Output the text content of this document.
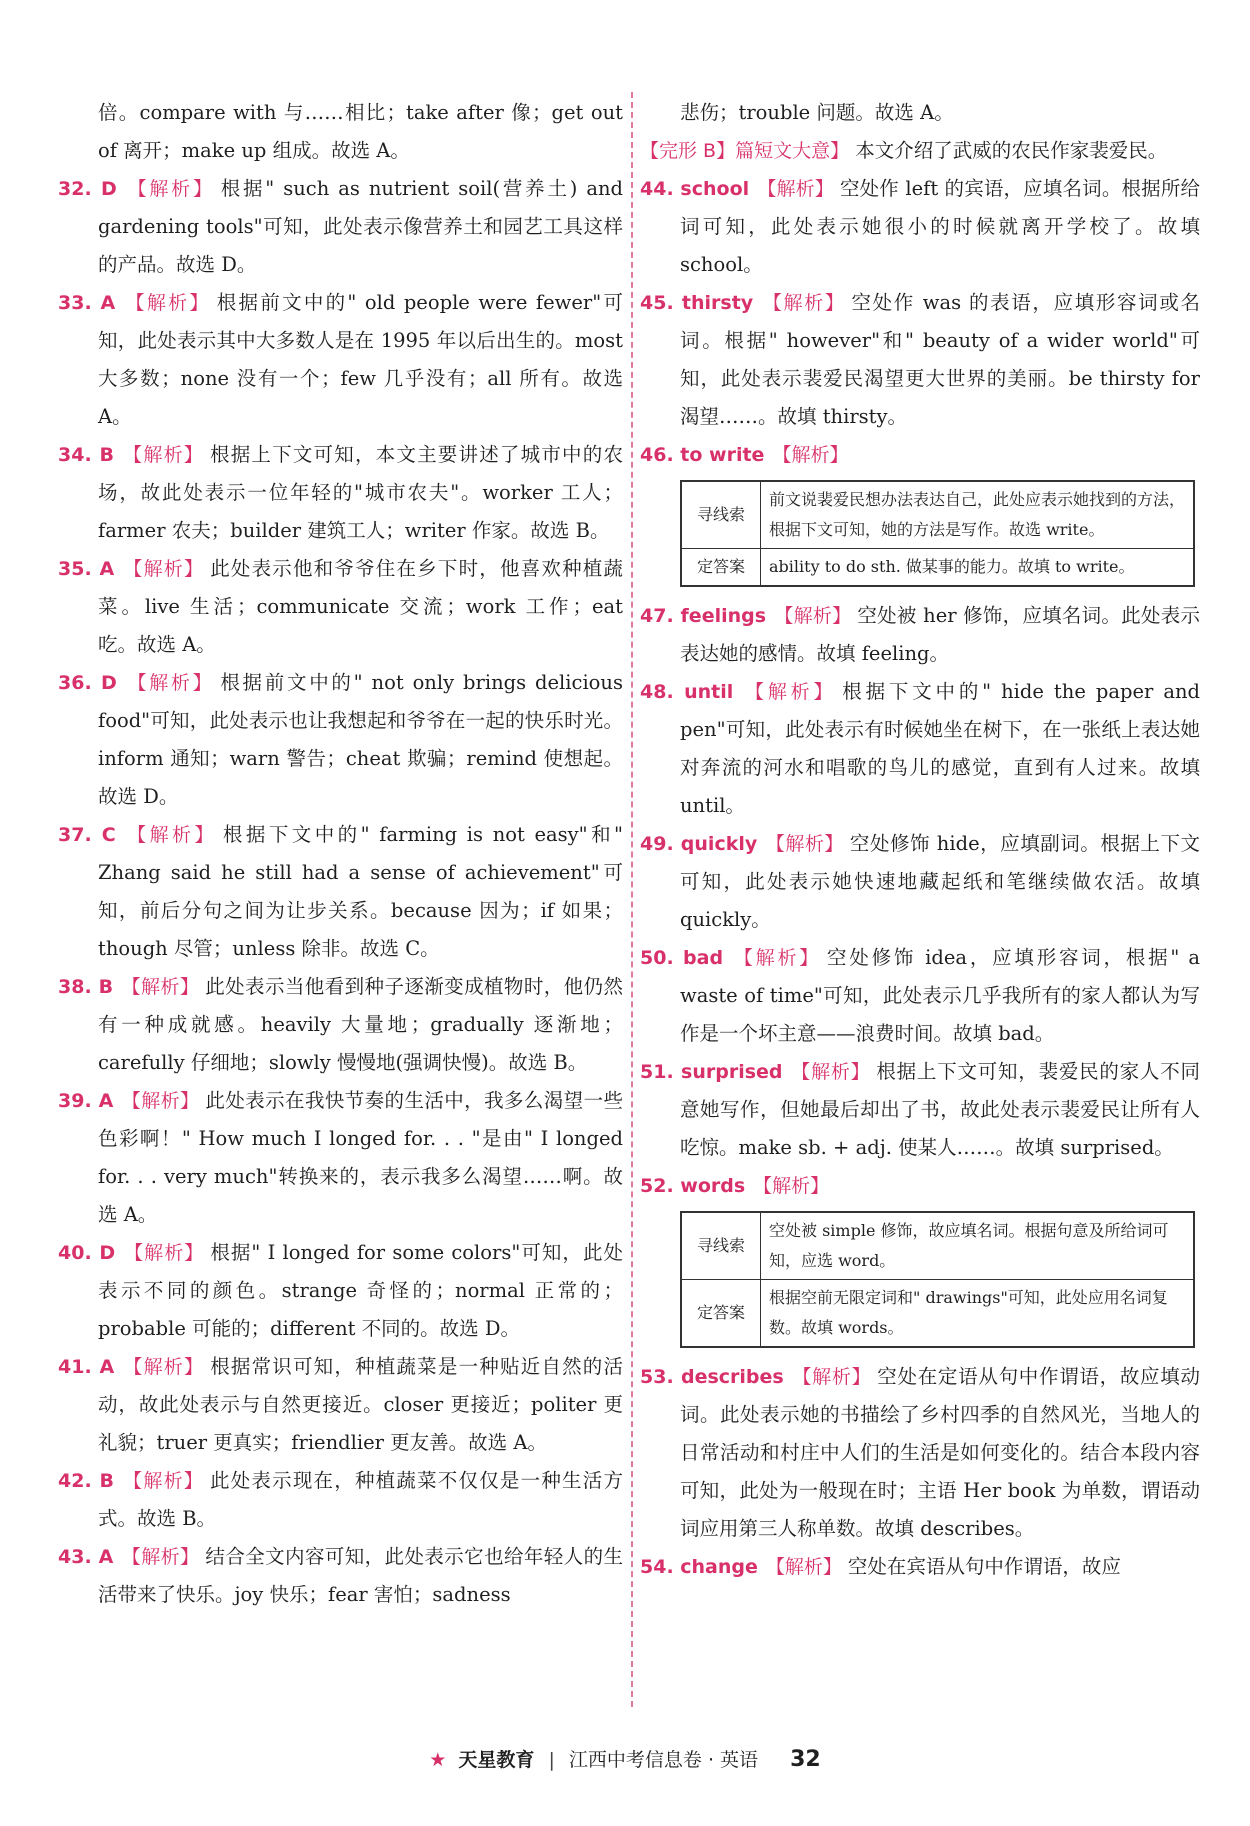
倍。compare with 与……相比；take after 像；get out of 离开；make up 组成。故选 A。

32. D 【解析】 根据" such as nutrient soil(营养土) and gardening tools"可知，此处表示像营养土和园艺工具这样的产品。故选 D。

33. A 【解析】 根据前文中的" old people were fewer"可知，此处表示其中大多数人是在 1995 年以后出生的。most 大多数；none 没有一个；few 几乎没有；all 所有。故选 A。

34. B 【解析】 根据上下文可知，本文主要讲述了城市中的农场，故此处表示一位年轻的"城市农夫"。worker 工人；farmer 农夫；builder 建筑工人；writer 作家。故选 B。

35. A 【解析】 此处表示他和爷爷住在乡下时，他喜欢种植蔬菜。live 生活；communicate 交流；work 工作；eat 吃。故选 A。

36. D 【解析】 根据前文中的" not only brings delicious food"可知，此处表示也让我想起和爷爷在一起的快乐时光。inform 通知；warn 警告；cheat 欺骗；remind 使想起。故选 D。

37. C 【解析】 根据下文中的" farming is not easy"和" Zhang said he still had a sense of achievement"可知，前后分句之间为让步关系。because 因为；if 如果；though 尽管；unless 除非。故选 C。

38. B 【解析】 此处表示当他看到种子逐渐变成植物时，他仍然有一种成就感。heavily 大量地；gradually 逐渐地；carefully 仔细地；slowly 慢慢地(强调快慢)。故选 B。

39. A 【解析】 此处表示在我快节奏的生活中，我多么渴望一些色彩啊！" How much I longed for. . . "是由" I longed for. . . very much"转换来的，表示我多么渴望……啊。故选 A。

40. D 【解析】 根据" I longed for some colors"可知，此处表示不同的颜色。strange 奇怪的；normal 正常的；probable 可能的；different 不同的。故选 D。

41. A 【解析】 根据常识可知，种植蔬菜是一种贴近自然的活动，故此处表示与自然更接近。closer 更接近；politer 更礼貌；truer 更真实；friendlier 更友善。故选 A。

42. B 【解析】 此处表示现在，种植蔬菜不仅仅是一种生活方式。故选 B。

43. A 【解析】 结合全文内容可知，此处表示它也给年轻人的生活带来了快乐。joy 快乐；fear 害怕；sadness

悲伤；trouble 问题。故选 A。

【完形 B】篇短文大意】 本文介绍了武威的农民作家裴爱民。

44. school 【解析】 空处作 left 的宾语，应填名词。根据所给词可知，此处表示她很小的时候就离开学校了。故填 school。

45. thirsty 【解析】 空处作 was 的表语，应填形容词或名词。根据" however"和" beauty of a wider world"可知，此处表示裴爱民渴望更大世界的美丽。be thirsty for 渴望……。故填 thirsty。

46. to write 【解析】

寻线索	前文说裴爱民想办法表达自己，此处应表示她找到的方法，根据下文可知，她的方法是写作。故选 write。
定答案	ability to do sth. 做某事的能力。故填 to write。

47. feelings 【解析】 空处被 her 修饰，应填名词。此处表示表达她的感情。故填 feeling。

48. until 【解析】 根据下文中的" hide the paper and pen"可知，此处表示有时候她坐在树下，在一张纸上表达她对奔流的河水和唱歌的鸟儿的感觉，直到有人过来。故填 until。

49. quickly 【解析】 空处修饰 hide，应填副词。根据上下文可知，此处表示她快速地藏起纸和笔继续做农活。故填 quickly。

50. bad 【解析】 空处修饰 idea，应填形容词，根据" a waste of time"可知，此处表示几乎我所有的家人都认为写作是一个坏主意——浪费时间。故填 bad。

51. surprised 【解析】 根据上下文可知，裴爱民的家人不同意她写作，但她最后却出了书，故此处表示裴爱民让所有人吃惊。make sb. + adj. 使某人……。故填 surprised。

52. words 【解析】

寻线索	空处被 simple 修饰，故应填名词。根据句意及所给词可知，应选 word。
定答案	根据空前无限定词和" drawings"可知，此处应用名词复数。故填 words。

53. describes 【解析】 空处在定语从句中作谓语，故应填动词。此处表示她的书描绘了乡村四季的自然风光，当地人的日常活动和村庄中人们的生活是如何变化的。结合本段内容可知，此处为一般现在时；主语 Her book 为单数，谓语动词应用第三人称单数。故填 describes。

54. change 【解析】 空处在宾语从句中作谓语，故应

★ 天星教育 | 江西中考信息卷 · 英语 32
